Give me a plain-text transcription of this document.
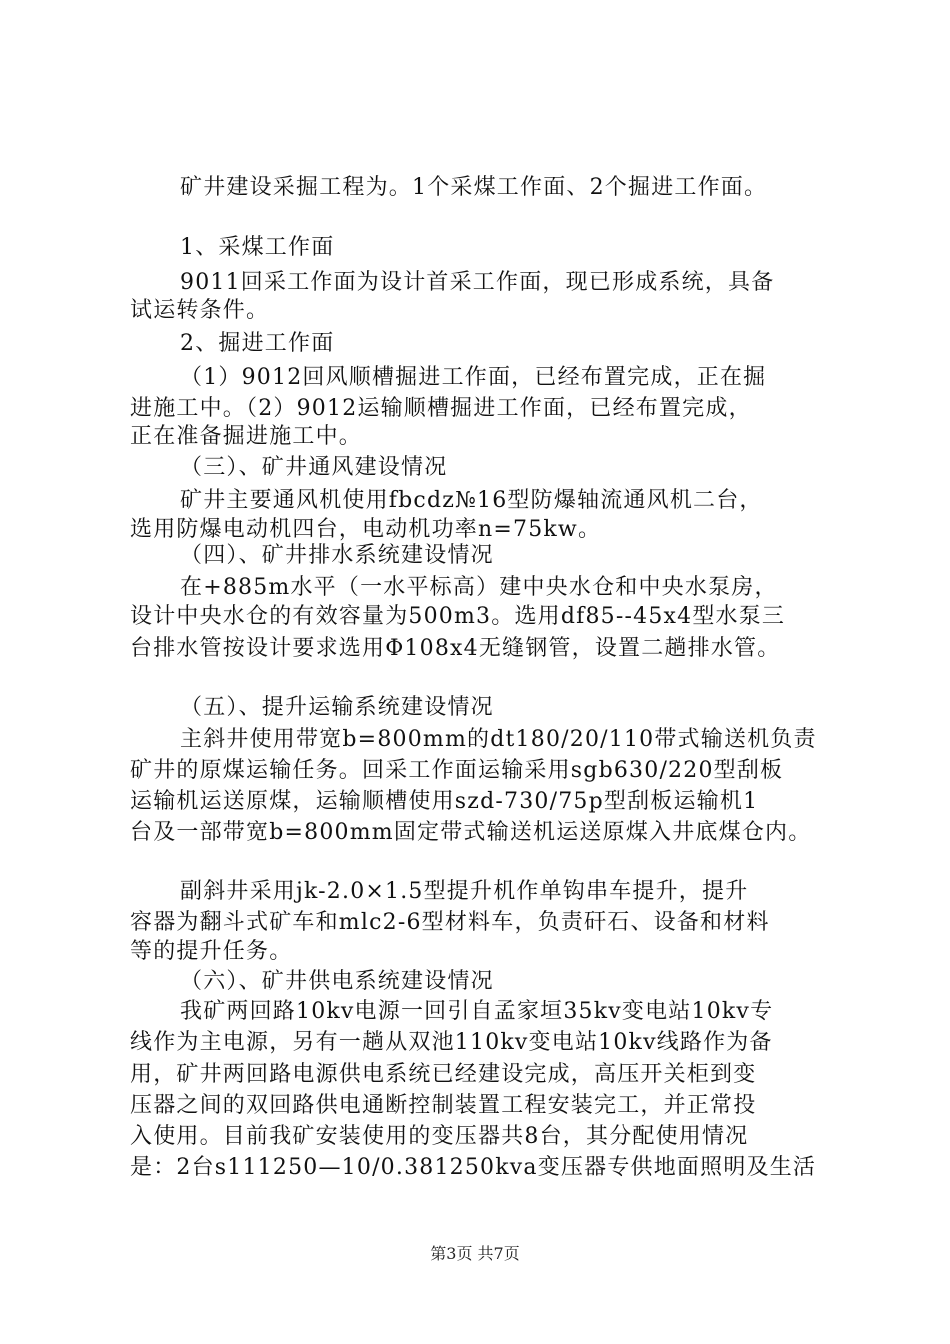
矿井建设采掘工程为。1个采煤工作面、2个掘进工作面。
1、采煤工作面
9011回采工作面为设计首采工作面，现已形成系统，具备
试运转条件。
2、掘进工作面
（1）9012回风顺槽掘进工作面，已经布置完成，正在掘
进施工中。（2）9012运输顺槽掘进工作面，已经布置完成，
正在准备掘进施工中。
（三）、矿井通风建设情况
矿井主要通风机使用fbcdz№16型防爆轴流通风机二台，
选用防爆电动机四台，电动机功率n=75kw。
（四）、矿井排水系统建设情况
在+885m水平（一水平标高）建中央水仓和中央水泵房，
设计中央水仓的有效容量为500m3。选用df85--45x4型水泵三
台排水管按设计要求选用Φ108x4无缝钢管，设置二趟排水管。
（五）、提升运输系统建设情况
主斜井使用带宽b=800mm的dt180/20/110带式输送机负责
矿井的原煤运输任务。回采工作面运输采用sgb630/220型刮板
运输机运送原煤，运输顺槽使用szd-730/75p型刮板运输机1
台及一部带宽b=800mm固定带式输送机运送原煤入井底煤仓内。
副斜井采用jk-2.0×1.5型提升机作单钩串车提升，提升
容器为翻斗式矿车和mlc2-6型材料车，负责矸石、设备和材料
等的提升任务。
（六）、矿井供电系统建设情况
我矿两回路10kv电源一回引自孟家垣35kv变电站10kv专
线作为主电源，另有一趟从双池110kv变电站10kv线路作为备
用，矿井两回路电源供电系统已经建设完成，高压开关柜到变
压器之间的双回路供电通断控制装置工程安装完工，并正常投
入使用。目前我矿安装使用的变压器共8台，其分配使用情况
是：2台s111250—10/0.381250kva变压器专供地面照明及生活
第3页 共7页
